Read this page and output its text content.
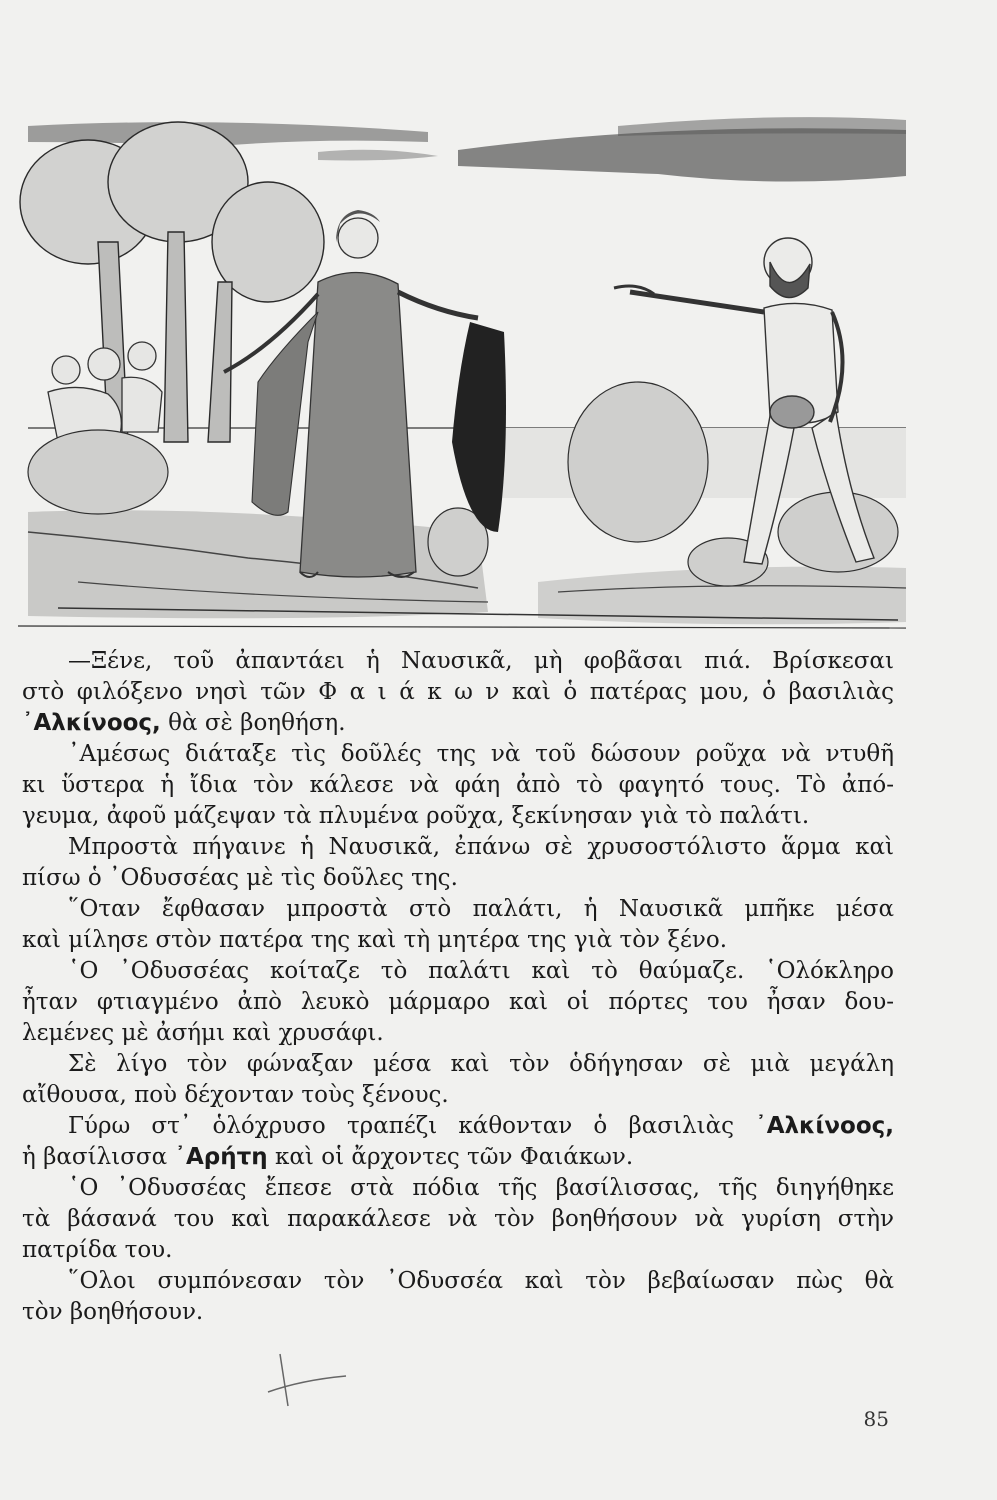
—Ξένε, τοῦ ἀπαντάει ἡ Ναυσικᾶ, μὴ φοβᾶσαι πιά. Βρίσκεσαι
στὸ φιλόξενο νησὶ τῶν Φ α ι ά κ ω ν καὶ ὁ πατέρας μου, ὁ βασιλιὰς
᾿Αλκίνοος, θὰ σὲ βοηθήση.
᾿Αμέσως διάταξε τὶς δοῦλές της νὰ τοῦ δώσουν ροῦχα νὰ ντυθῆ
κι ὕστερα ἡ ἴδια τὸν κάλεσε νὰ φάη ἀπὸ τὸ φαγητό τους. Τὸ ἀπό-
γευμα, ἀφοῦ μάζεψαν τὰ πλυμένα ροῦχα, ξεκίνησαν γιὰ τὸ παλάτι.
Μπροστὰ πήγαινε ἡ Ναυσικᾶ, ἐπάνω σὲ χρυσοστόλιστο ἅρμα καὶ
πίσω ὁ ᾿Οδυσσέας μὲ τὶς δοῦλες της.
῞Οταν ἔφθασαν μπροστὰ στὸ παλάτι, ἡ Ναυσικᾶ μπῆκε μέσα
καὶ μίλησε στὸν πατέρα της καὶ τὴ μητέρα της γιὰ τὸν ξένο.
῾Ο ᾿Οδυσσέας κοίταζε τὸ παλάτι καὶ τὸ θαύμαζε. ῾Ολόκληρο
ἦταν φτιαγμένο ἀπὸ λευκὸ μάρμαρο καὶ οἱ πόρτες του ἦσαν δου-
λεμένες μὲ ἀσήμι καὶ χρυσάφι.
Σὲ λίγο τὸν φώναξαν μέσα καὶ τὸν ὁδήγησαν σὲ μιὰ μεγάλη
αἴθουσα, ποὺ δέχονταν τοὺς ξένους.
Γύρω στ᾿ ὁλόχρυσο τραπέζι κάθονταν ὁ βασιλιὰς ᾿Αλκίνοος,
ἡ βασίλισσα ᾿Αρήτη καὶ οἱ ἄρχοντες τῶν Φαιάκων.
῾Ο ᾿Οδυσσέας ἔπεσε στὰ πόδια τῆς βασίλισσας, τῆς διηγήθηκε
τὰ βάσανά του καὶ παρακάλεσε νὰ τὸν βοηθήσουν νὰ γυρίση στὴν
πατρίδα του.
῞Ολοι συμπόνεσαν τὸν ᾿Οδυσσέα καὶ τὸν βεβαίωσαν πὼς θὰ
τὸν βοηθήσουν.
85
